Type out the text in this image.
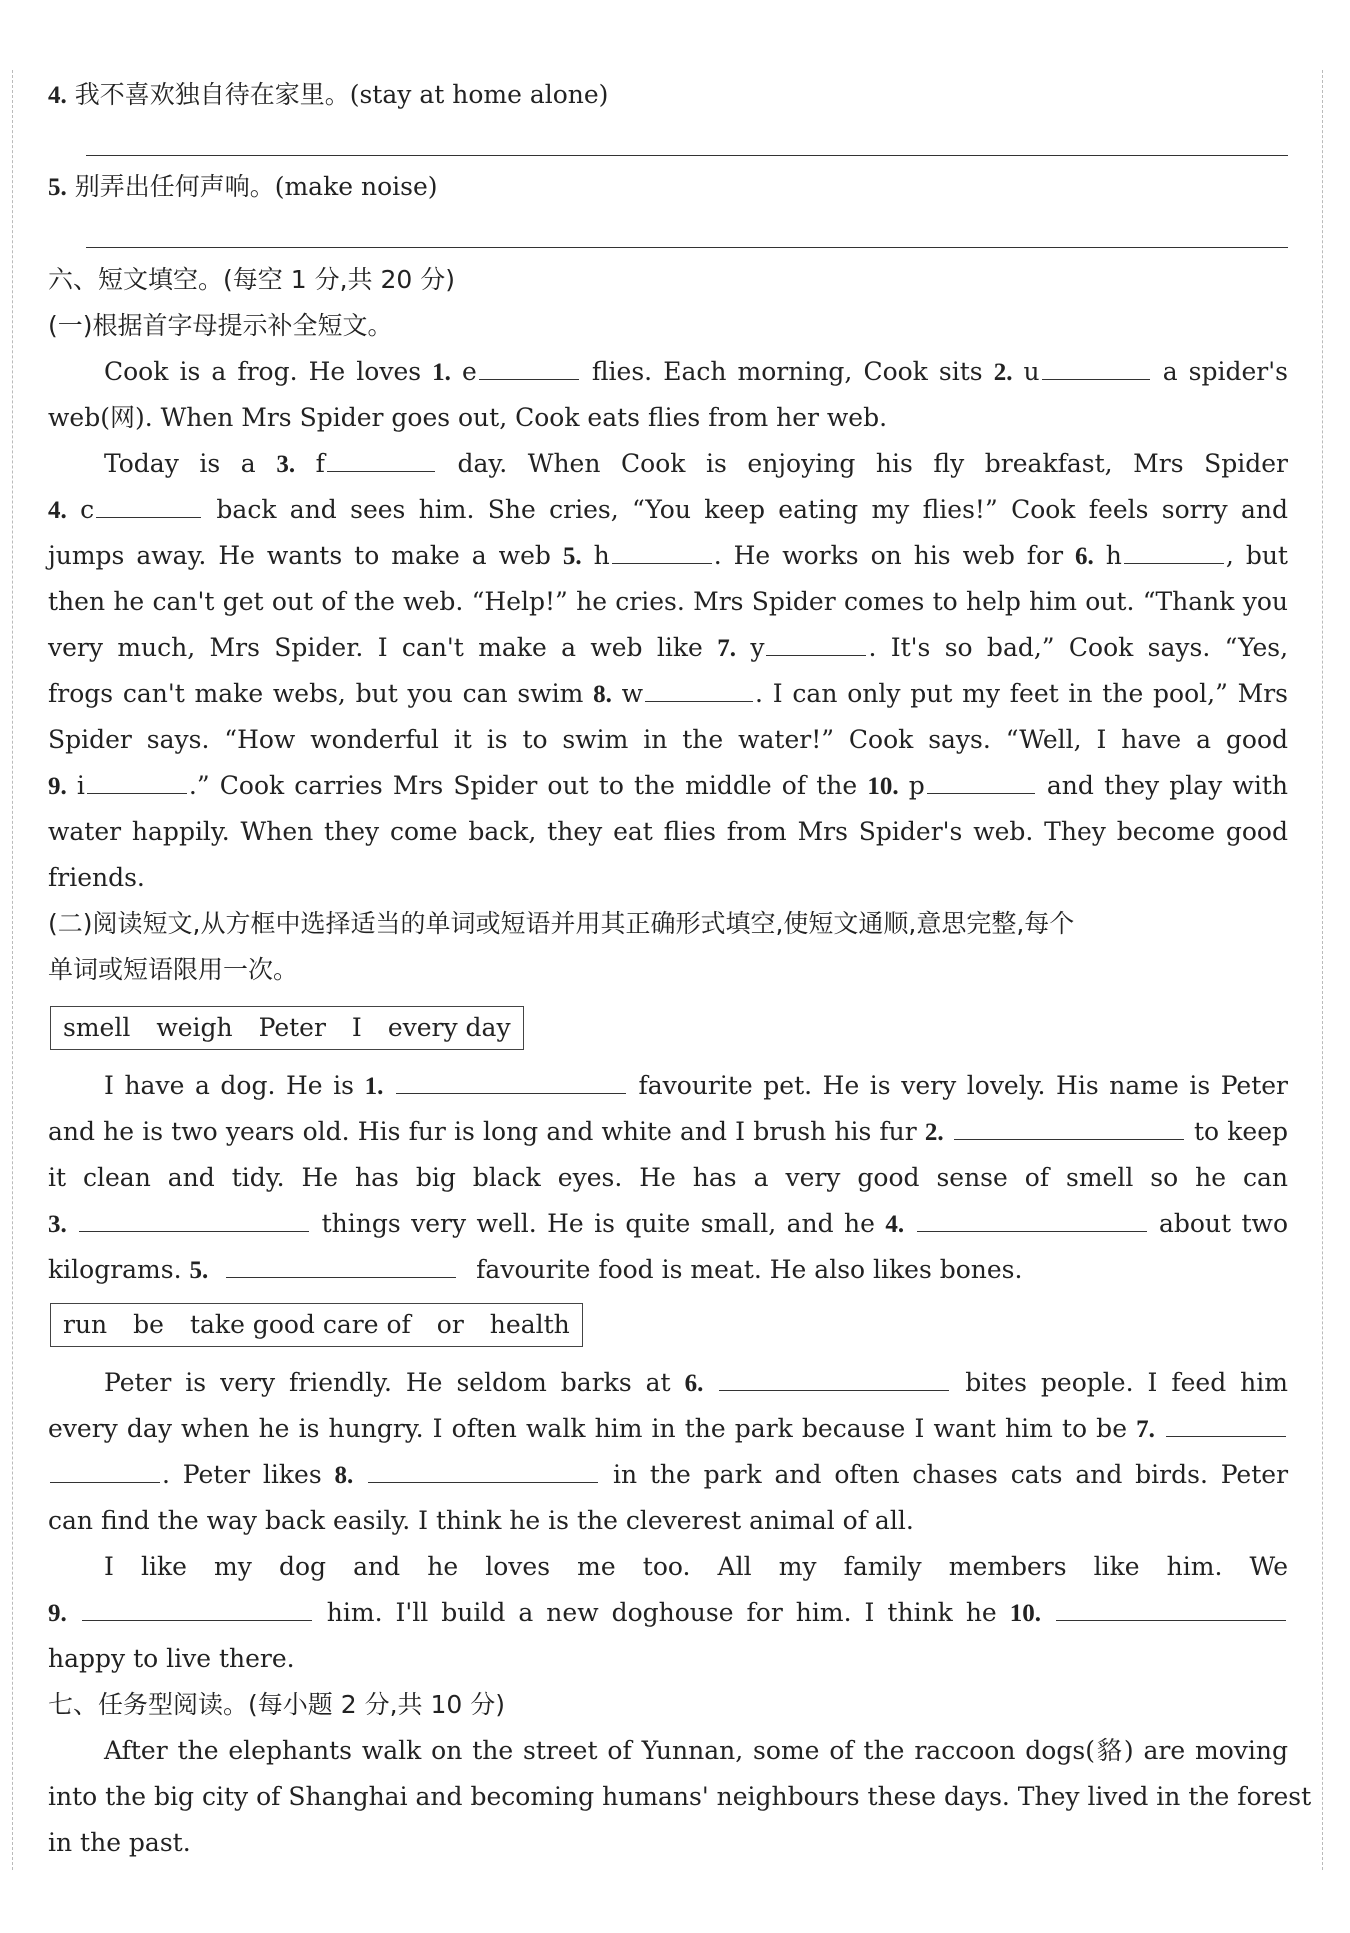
4. 我不喜欢独自待在家里。(stay at home alone)
5. 别弄出任何声响。(make noise)
六、短文填空。(每空 1 分,共 20 分)
(一)根据首字母提示补全短文。
Cook is a frog. He loves 1. e	flies. Each morning, Cook sits 2. u	a spider's
web(网). When Mrs Spider goes out, Cook eats flies from her web.
Today is a 3. f	day. When Cook is enjoying his fly breakfast, Mrs Spider
4. c	back and sees him. She cries, “You keep eating my flies!” Cook feels sorry and
jumps away. He wants to make a web 5. h	. He works on his web for 6. h	, but
then he can't get out of the web. “Help!” he cries. Mrs Spider comes to help him out. “Thank you
very much, Mrs Spider. I can't make a web like 7. y	. It's so bad,” Cook says. “Yes,
frogs can't make webs, but you can swim 8. w	. I can only put my feet in the pool,” Mrs
Spider says. “How wonderful it is to swim in the water!” Cook says. “Well, I have a good
9. i	.” Cook carries Mrs Spider out to the middle of the 10. p	and they play with
water happily. When they come back, they eat flies from Mrs Spider's web. They become good
friends.
(二)阅读短文,从方框中选择适当的单词或短语并用其正确形式填空,使短文通顺,意思完整,每个
单词或短语限用一次。
smell weigh Peter I every day
I have a dog. He is 1.	favourite pet. He is very lovely. His name is Peter
and he is two years old. His fur is long and white and I brush his fur 2.	to keep
it clean and tidy. He has big black eyes. He has a very good sense of smell so he can
3.	things very well. He is quite small, and he 4.	about two
kilograms. 5.	favourite food is meat. He also likes bones.
run be take good care of or health
Peter is very friendly. He seldom barks at 6.	bites people. I feed him
every day when he is hungry. I often walk him in the park because I want him to be 7.
. Peter likes 8.	in the park and often chases cats and birds. Peter
can find the way back easily. I think he is the cleverest animal of all.
I like my dog and he loves me too. All my family members like him. We
9.	him. I'll build a new doghouse for him. I think he 10.
happy to live there.
七、任务型阅读。(每小题 2 分,共 10 分)
After the elephants walk on the street of Yunnan, some of the raccoon dogs(貉) are moving
into the big city of Shanghai and becoming humans' neighbours these days. They lived in the forest
in the past.
